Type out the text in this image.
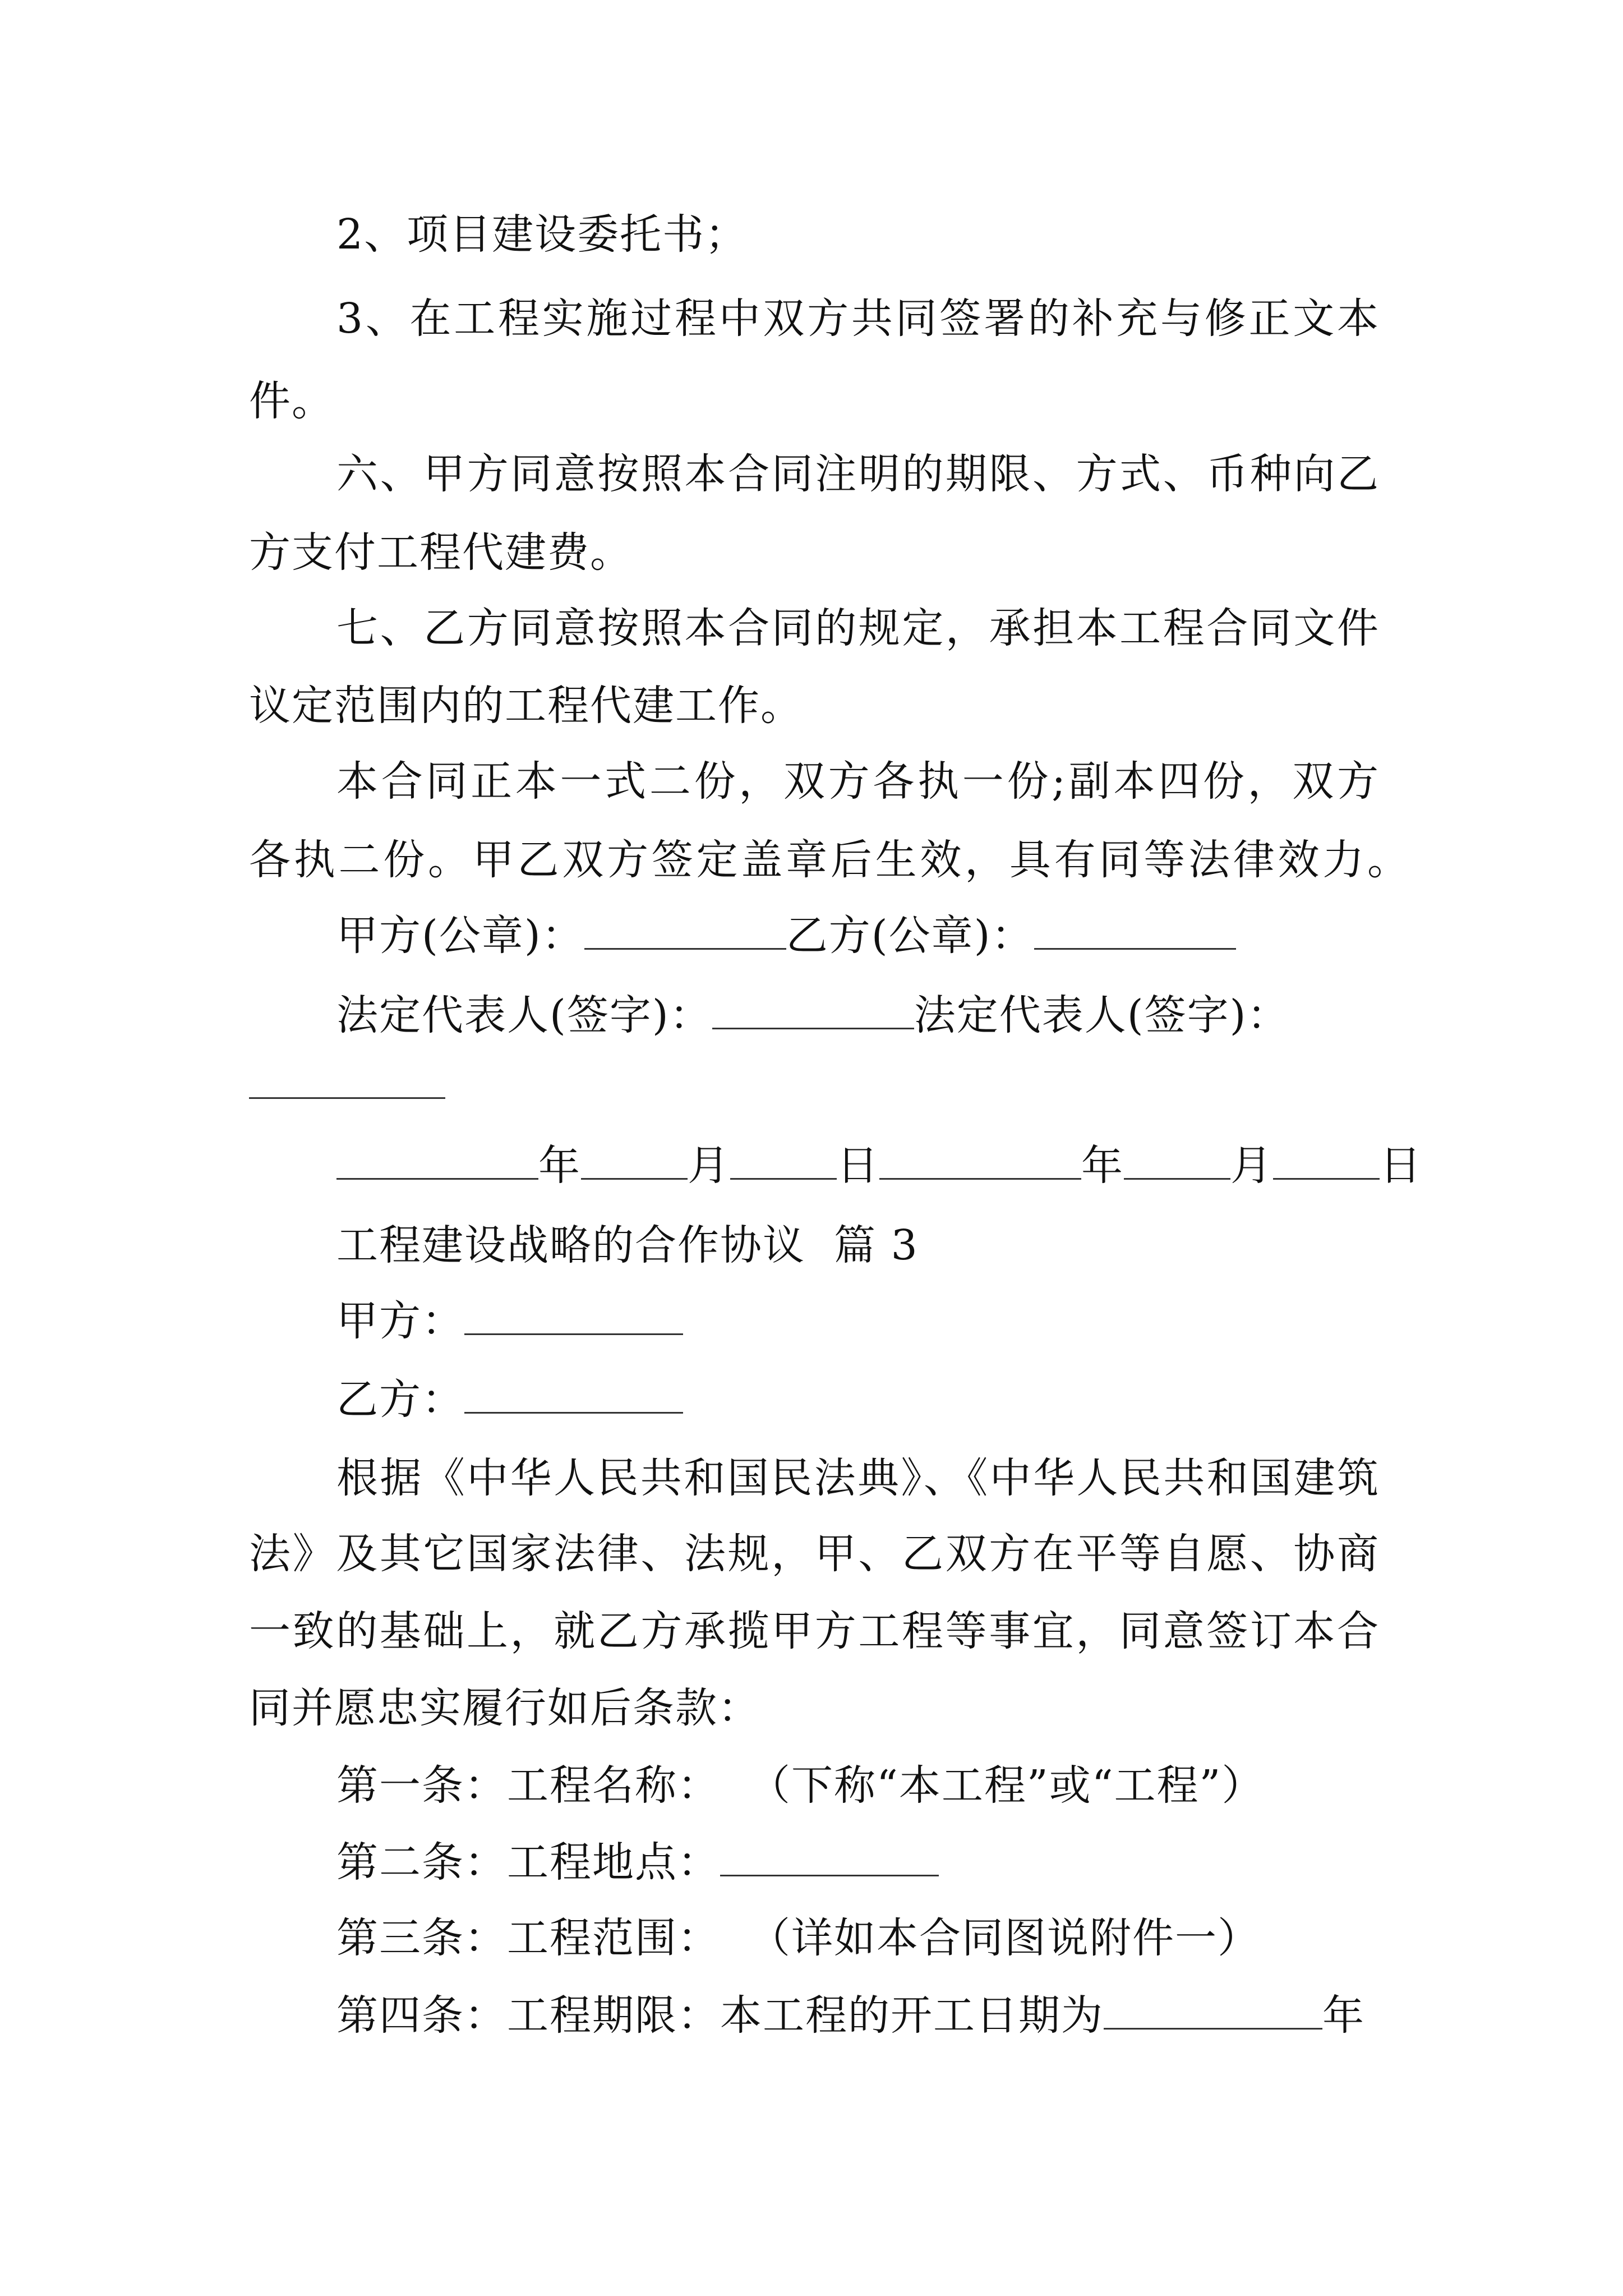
2、项目建设委托书；
3、在工程实施过程中双方共同签署的补充与修正文本
件。
六、甲方同意按照本合同注明的期限、方式、币种向乙
方支付工程代建费。
七、乙方同意按照本合同的规定，承担本工程合同文件
议定范围内的工程代建工作。
本合同正本一式二份，双方各执一份;副本四份，双方
各执二份。甲乙双方签定盖章后生效，具有同等法律效力。
甲方(公章)：	乙方(公章)：
法定代表人(签字)：	法定代表人(签字)：
年	月	日	年	月	日
工程建设战略的合作协议  篇 3
甲方：
乙方：
根据《中华人民共和国民法典》、《中华人民共和国建筑
法》及其它国家法律、法规，甲、乙双方在平等自愿、协商
一致的基础上，就乙方承揽甲方工程等事宜，同意签订本合
同并愿忠实履行如后条款：
第一条：工程名称：  （下称“本工程”或“工程”）
第二条：工程地点：
第三条：工程范围：  （详如本合同图说附件一）
第四条：工程期限：本工程的开工日期为	年
